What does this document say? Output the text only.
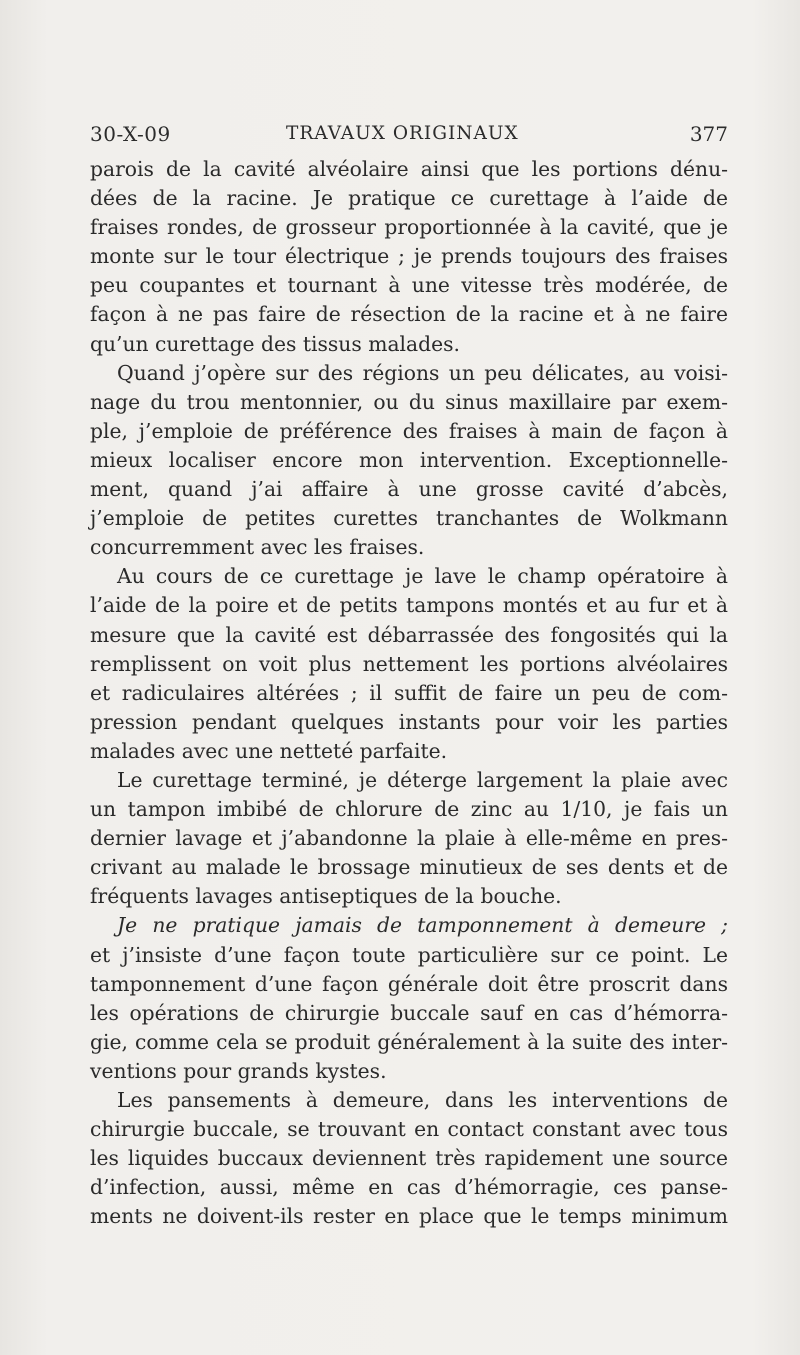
30-X-09	TRAVAUX ORIGINAUX	377
parois de la cavité alvéolaire ainsi que les portions dénu-
dées de la racine. Je pratique ce curettage à l’aide de
fraises rondes, de grosseur proportionnée à la cavité, que je
monte sur le tour électrique ; je prends toujours des fraises
peu coupantes et tournant à une vitesse très modérée, de
façon à ne pas faire de résection de la racine et à ne faire
qu’un curettage des tissus malades.
Quand j’opère sur des régions un peu délicates, au voisi-
nage du trou mentonnier, ou du sinus maxillaire par exem-
ple, j’emploie de préférence des fraises à main de façon à
mieux localiser encore mon intervention. Exceptionnelle-
ment, quand j’ai affaire à une grosse cavité d’abcès,
j’emploie de petites curettes tranchantes de Wolkmann
concurremment avec les fraises.
Au cours de ce curettage je lave le champ opératoire à
l’aide de la poire et de petits tampons montés et au fur et à
mesure que la cavité est débarrassée des fongosités qui la
remplissent on voit plus nettement les portions alvéolaires
et radiculaires altérées ; il suffit de faire un peu de com-
pression pendant quelques instants pour voir les parties
malades avec une netteté parfaite.
Le curettage terminé, je déterge largement la plaie avec
un tampon imbibé de chlorure de zinc au 1/10, je fais un
dernier lavage et j’abandonne la plaie à elle-même en pres-
crivant au malade le brossage minutieux de ses dents et de
fréquents lavages antiseptiques de la bouche.
Je ne pratique jamais de tamponnement à demeure ;
et j’insiste d’une façon toute particulière sur ce point. Le
tamponnement d’une façon générale doit être proscrit dans
les opérations de chirurgie buccale sauf en cas d’hémorra-
gie, comme cela se produit généralement à la suite des inter-
ventions pour grands kystes.
Les pansements à demeure, dans les interventions de
chirurgie buccale, se trouvant en contact constant avec tous
les liquides buccaux deviennent très rapidement une source
d’infection, aussi, même en cas d’hémorragie, ces panse-
ments ne doivent-ils rester en place que le temps minimum
